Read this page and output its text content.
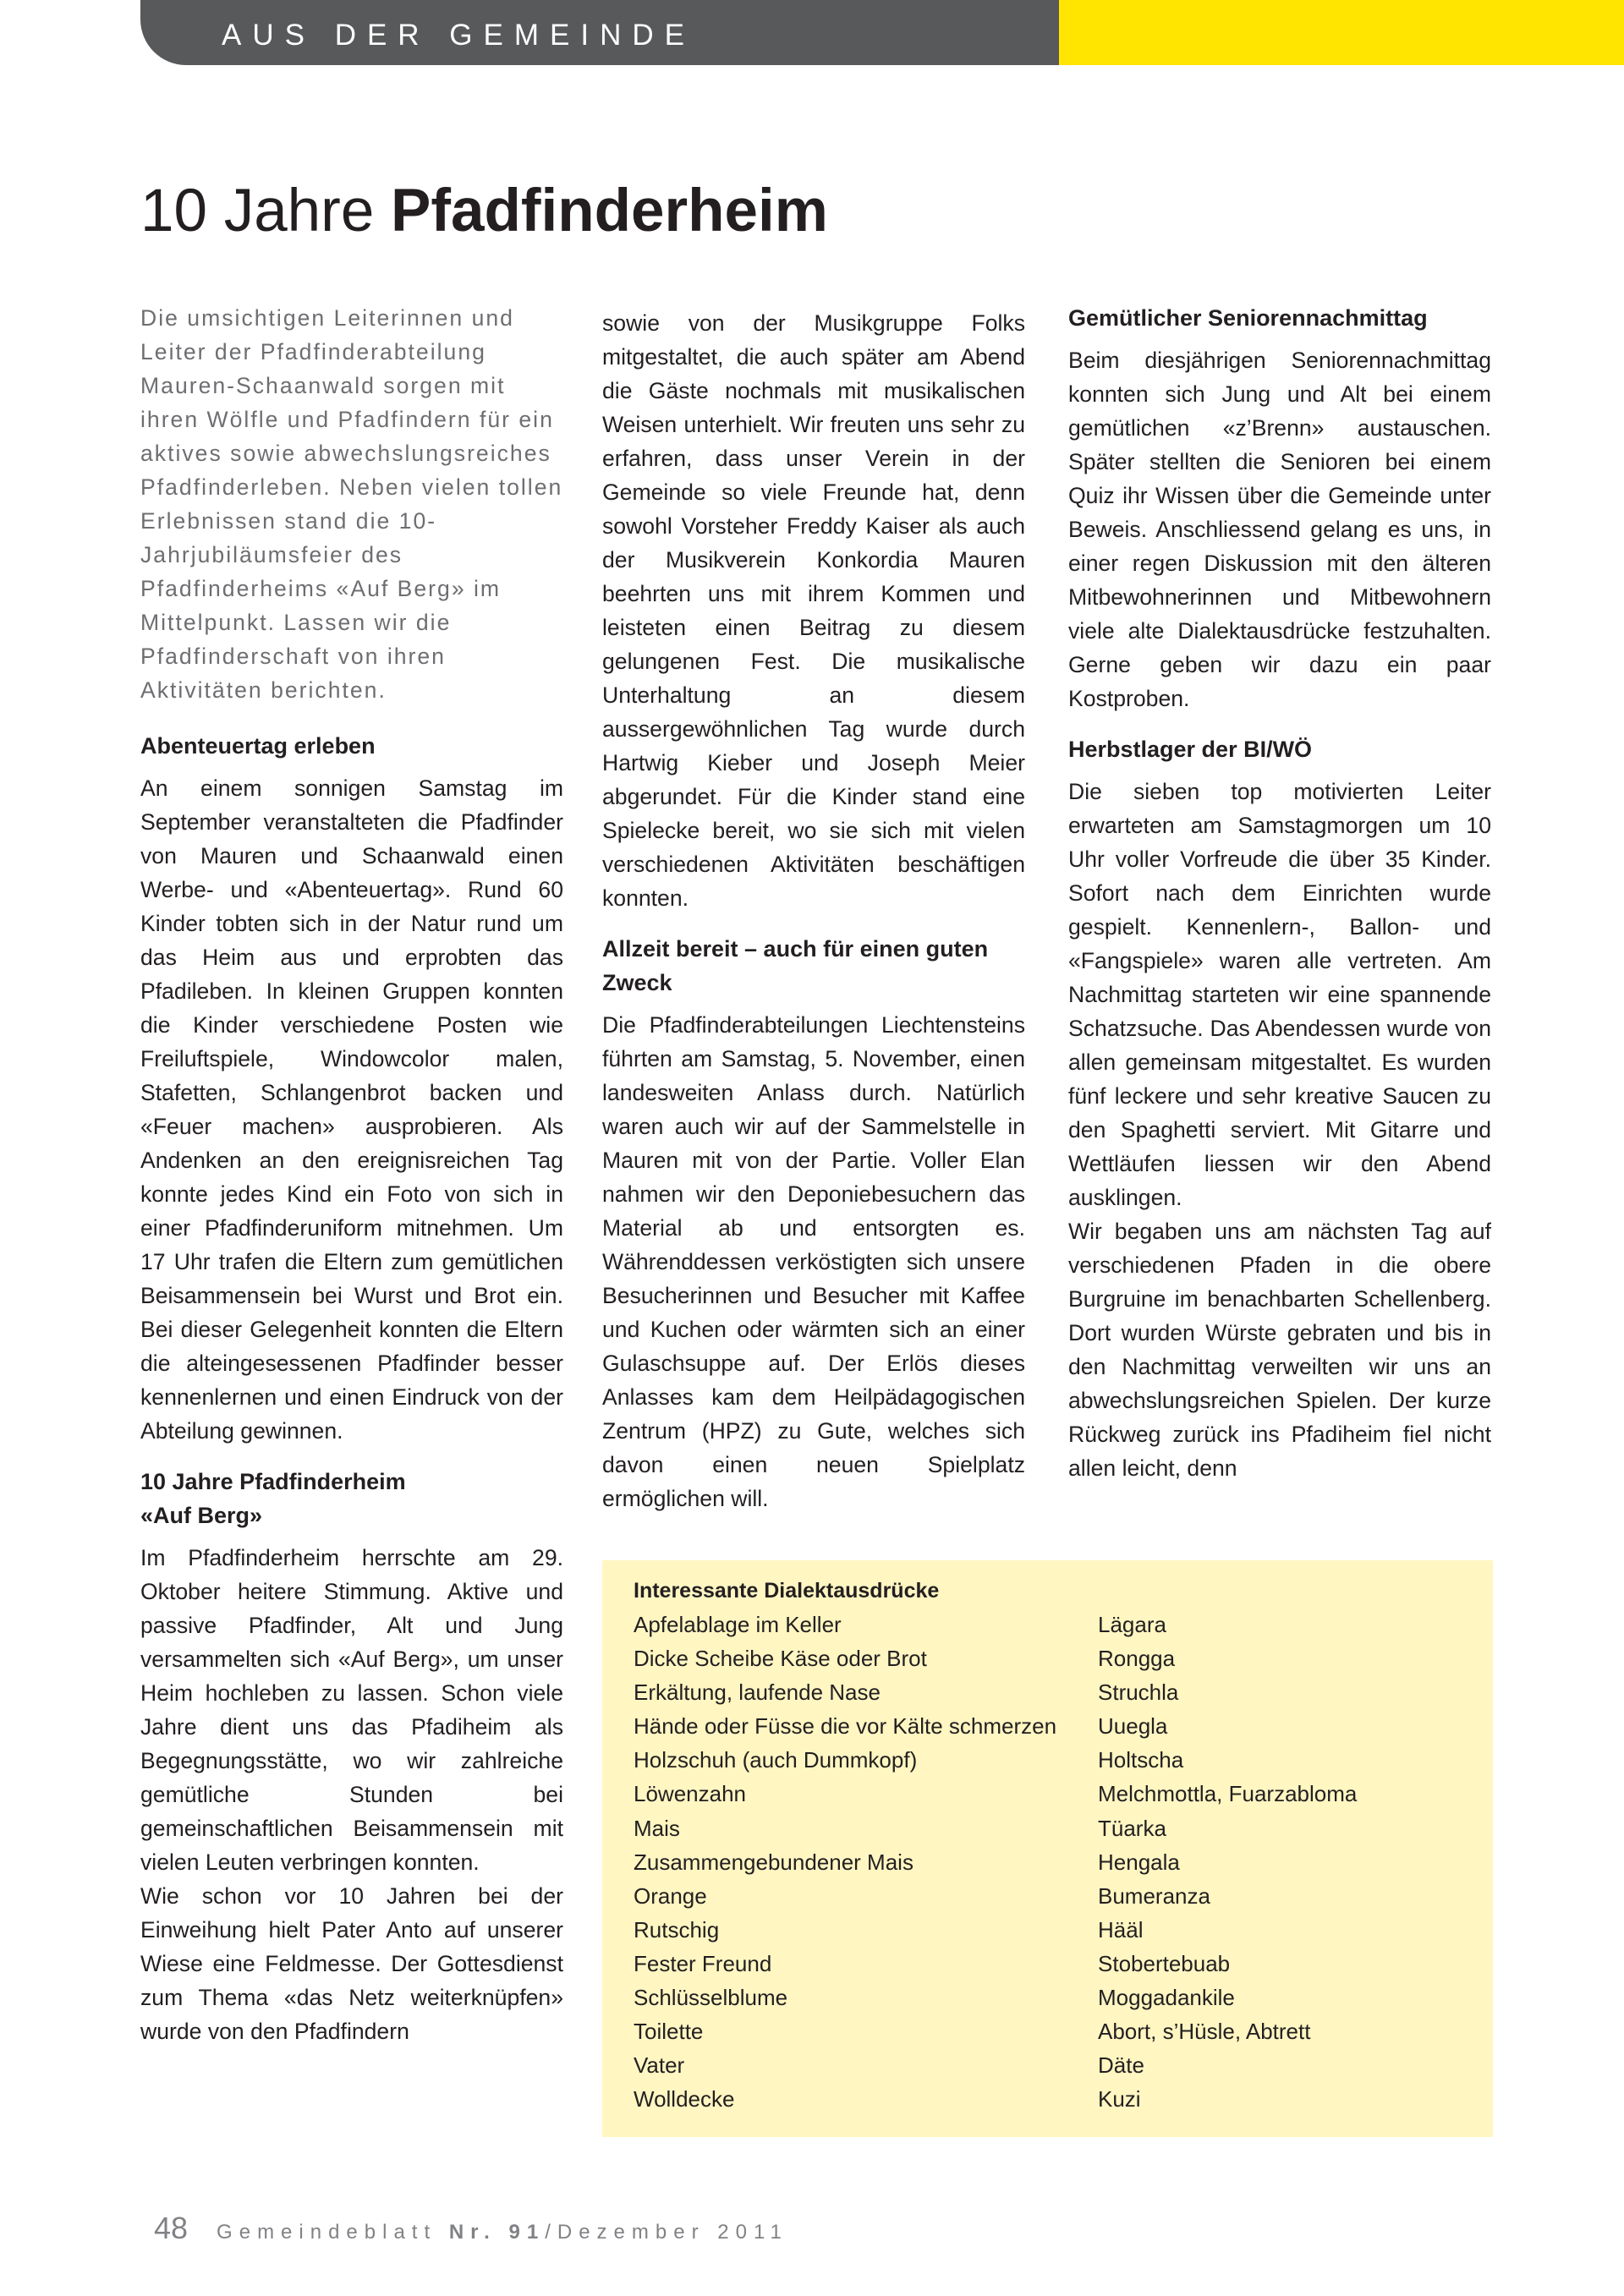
AUS DER GEMEINDE
10 Jahre Pfadfinderheim

Die umsichtigen Leiterinnen und Leiter der Pfadfinderabteilung Mauren-Schaanwald sorgen mit ihren Wölfle und Pfadfindern für ein aktives sowie abwechslungsreiches Pfadfinderleben. Neben vielen tollen Erlebnissen stand die 10-Jahrjubiläumsfeier des Pfadfinderheims «Auf Berg» im Mittelpunkt. Lassen wir die Pfadfinderschaft von ihren Aktivitäten berichten.

Abenteuertag erleben

An einem sonnigen Samstag im September veranstalteten die Pfadfinder von Mauren und Schaanwald einen Werbe- und «Abenteuertag». Rund 60 Kinder tobten sich in der Natur rund um das Heim aus und erprobten das Pfadileben. In kleinen Gruppen konnten die Kinder verschiedene Posten wie Freiluftspiele, Windowcolor malen, Stafetten, Schlangenbrot backen und «Feuer machen» ausprobieren. Als Andenken an den ereignisreichen Tag konnte jedes Kind ein Foto von sich in einer Pfadfinderuniform mitnehmen. Um 17 Uhr trafen die Eltern zum gemütlichen Beisammensein bei Wurst und Brot ein. Bei dieser Gelegenheit konnten die Eltern die alteingesessenen Pfadfinder besser kennenlernen und einen Eindruck von der Abteilung gewinnen.

10 Jahre Pfadfinderheim
«Auf Berg»

Im Pfadfinderheim herrschte am 29. Oktober heitere Stimmung. Aktive und passive Pfadfinder, Alt und Jung versammelten sich «Auf Berg», um unser Heim hochleben zu lassen. Schon viele Jahre dient uns das Pfadiheim als Begegnungsstätte, wo wir zahlreiche gemütliche Stunden bei gemeinschaftlichen Beisammensein mit vielen Leuten verbringen konnten.

Wie schon vor 10 Jahren bei der Einweihung hielt Pater Anto auf unserer Wiese eine Feldmesse. Der Gottesdienst zum Thema «das Netz weiterknüpfen» wurde von den Pfadfindern

sowie von der Musikgruppe Folks mitgestaltet, die auch später am Abend die Gäste nochmals mit musikalischen Weisen unterhielt. Wir freuten uns sehr zu erfahren, dass unser Verein in der Gemeinde so viele Freunde hat, denn sowohl Vorsteher Freddy Kaiser als auch der Musikverein Konkordia Mauren beehrten uns mit ihrem Kommen und leisteten einen Beitrag zu diesem gelungenen Fest. Die musikalische Unterhaltung an diesem aussergewöhnlichen Tag wurde durch Hartwig Kieber und Joseph Meier abgerundet. Für die Kinder stand eine Spielecke bereit, wo sie sich mit vielen verschiedenen Aktivitäten beschäftigen konnten.

Allzeit bereit – auch für einen guten Zweck

Die Pfadfinderabteilungen Liechtensteins führten am Samstag, 5. November, einen landesweiten Anlass durch. Natürlich waren auch wir auf der Sammelstelle in Mauren mit von der Partie. Voller Elan nahmen wir den Deponiebesuchern das Material ab und entsorgten es. Währenddessen verköstigten sich unsere Besucherinnen und Besucher mit Kaffee und Kuchen oder wärmten sich an einer Gulaschsuppe auf. Der Erlös dieses Anlasses kam dem Heilpädagogischen Zentrum (HPZ) zu Gute, welches sich davon einen neuen Spielplatz ermöglichen will.

Gemütlicher Seniorennachmittag

Beim diesjährigen Seniorennachmittag konnten sich Jung und Alt bei einem gemütlichen «z’Brenn» austauschen. Später stellten die Senioren bei einem Quiz ihr Wissen über die Gemeinde unter Beweis. Anschliessend gelang es uns, in einer regen Diskussion mit den älteren Mitbewohnerinnen und Mitbewohnern viele alte Dialektausdrücke festzuhalten. Gerne geben wir dazu ein paar Kostproben.

Herbstlager der BI/WÖ

Die sieben top motivierten Leiter erwarteten am Samstagmorgen um 10 Uhr voller Vorfreude die über 35 Kinder. Sofort nach dem Einrichten wurde gespielt. Kennenlern-, Ballon- und «Fangspiele» waren alle vertreten. Am Nachmittag starteten wir eine spannende Schatzsuche. Das Abendessen wurde von allen gemeinsam mitgestaltet. Es wurden fünf leckere und sehr kreative Saucen zu den Spaghetti serviert. Mit Gitarre und Wettläufen liessen wir den Abend ausklingen.

Wir begaben uns am nächsten Tag auf verschiedenen Pfaden in die obere Burgruine im benachbarten Schellenberg. Dort wurden Würste gebraten und bis in den Nachmittag verweilten wir uns an abwechslungsreichen Spielen. Der kurze Rückweg zurück ins Pfadiheim fiel nicht allen leicht, denn

Interessante Dialektausdrücke
Apfelablage im Keller
Dicke Scheibe Käse oder Brot
Erkältung, laufende Nase
Hände oder Füsse die vor Kälte schmerzen
Holzschuh (auch Dummkopf)
Löwenzahn
Mais
Zusammengebundener Mais
Orange
Rutschig
Fester Freund
Schlüsselblume
Toilette
Vater
Wolldecke
Lägara
Rongga
Struchla
Uuegla
Holtscha
Melchmottla, Fuarzabloma
Tüarka
Hengala
Bumeranza
Hääl
Stobertebuab
Moggadankile
Abort, s’Hüsle, Abtrett
Däte
Kuzi
48 Gemeindeblatt Nr. 91/Dezember 2011
